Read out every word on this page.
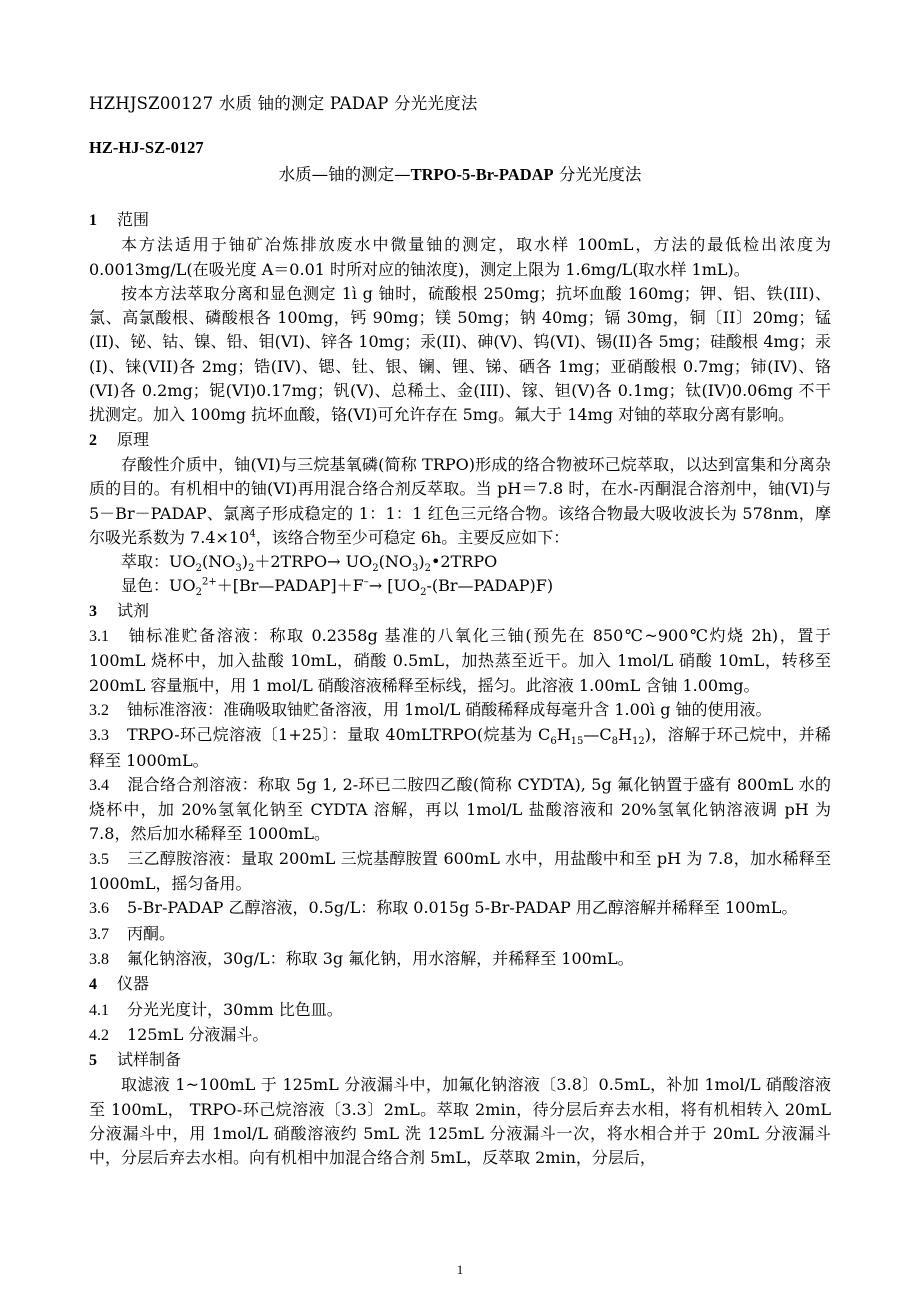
HZHJSZ00127 水质 铀的测定 PADAP 分光光度法
HZ-HJ-SZ-0127
水质—铀的测定—TRPO-5-Br-PADAP 分光光度法

1 范围

本方法适用于铀矿冶炼排放废水中微量铀的测定，取水样 100mL，方法的最低检出浓度为 0.0013mg/L(在吸光度 A＝0.01 时所对应的铀浓度)，测定上限为 1.6mg/L(取水样 1mL)。

按本方法萃取分离和显色测定 1ì g 铀时，硫酸根 250mg；抗坏血酸 160mg；钾、铝、铁(III)、氯、高氯酸根、磷酸根各 100mg，钙 90mg；镁 50mg；钠 40mg；镉 30mg，铜〔II〕20mg；锰(II)、铋、钴、镍、铅、钼(VI)、锌各 10mg；汞(II)、砷(V)、钨(VI)、锡(II)各 5mg；硅酸根 4mg；汞(I)、铼(VII)各 2mg；锆(IV)、锶、钍、银、镧、锂、锑、硒各 1mg；亚硝酸根 0.7mg；铈(IV)、铬(VI)各 0.2mg；铌(VI)0.17mg；钒(V)、总稀土、金(III)、镓、钽(V)各 0.1mg；钛(IV)0.06mg 不干扰测定。加入 100mg 抗坏血酸，铬(VI)可允许存在 5mg。氟大于 14mg 对铀的萃取分离有影响。

2 原理

存酸性介质中，铀(VI)与三烷基氧磷(简称 TRPO)形成的络合物被环己烷萃取，以达到富集和分离杂质的目的。有机相中的铀(VI)再用混合络合剂反萃取。当 pH＝7.8 时，在水-丙酮混合溶剂中，铀(VI)与 5－Br－PADAP、氯离子形成稳定的 1：1：1 红色三元络合物。该络合物最大吸收波长为 578nm，摩尔吸光系数为 $7.4\times 10^4$，该络合物至少可稳定 6h。主要反应如下：

萃取：$UO_2(NO_3)_2+2TRPO\to$ $UO_2(NO_3)_2•2TRPO$

显色：$UO_2^{2+}+[Br—PADAP]+F^-\to$ $[UO_2-(Br—PADAP)F)$

3 试剂

3.1 铀标准贮备溶液：称取 0.2358g 基准的八氧化三铀(预先在 850℃~900℃灼烧 2h)，置于 100mL 烧杯中，加入盐酸 10mL，硝酸 0.5mL，加热蒸至近干。加入 1mol/L 硝酸 10mL，转移至 200mL 容量瓶中，用 1 mol/L 硝酸溶液稀释至标线，摇匀。此溶液 1.00mL 含铀 1.00mg。

3.2 铀标准溶液：准确吸取铀贮备溶液，用 1mol/L 硝酸稀释成每毫升含 1.00ì g 铀的使用液。

3.3 TRPO-环己烷溶液〔1+25〕：量取 40mLTRPO(烷基为 $C_6H_{15}—C_8H_{12}$)，溶解于环己烷中，并稀释至 1000mL。

3.4 混合络合剂溶液：称取 5g 1, 2-环已二胺四乙酸(简称 CYDTA), 5g 氟化钠置于盛有 800mL 水的烧杯中，加 20%氢氧化钠至 CYDTA 溶解，再以 1mol/L 盐酸溶液和 20%氢氧化钠溶液调 pH 为 7.8，然后加水稀释至 1000mL。

3.5 三乙醇胺溶液：量取 200mL 三烷基醇胺置 600mL 水中，用盐酸中和至 pH 为 7.8，加水稀释至 1000mL，摇匀备用。

3.6 5-Br-PADAP 乙醇溶液，0.5g/L：称取 0.015g 5-Br-PADAP 用乙醇溶解并稀释至 100mL。

3.7 丙酮。

3.8 氟化钠溶液，30g/L：称取 3g 氟化钠，用水溶解，并稀释至 100mL。

4 仪器

4.1 分光光度计，30mm 比色皿。

4.2 125mL 分液漏斗。

5 试样制备

取滤液 1~100mL 于 125mL 分液漏斗中，加氟化钠溶液〔3.8〕0.5mL，补加 1mol/L 硝酸溶液至 100mL， TRPO-环己烷溶液〔3.3〕2mL。萃取 2min，待分层后弃去水相，将有机相转入 20mL 分液漏斗中，用 1mol/L 硝酸溶液约 5mL 洗 125mL 分液漏斗一次，将水相合并于 20mL 分液漏斗中，分层后弃去水相。向有机相中加混合络合剂 5mL，反萃取 2min，分层后，

1
